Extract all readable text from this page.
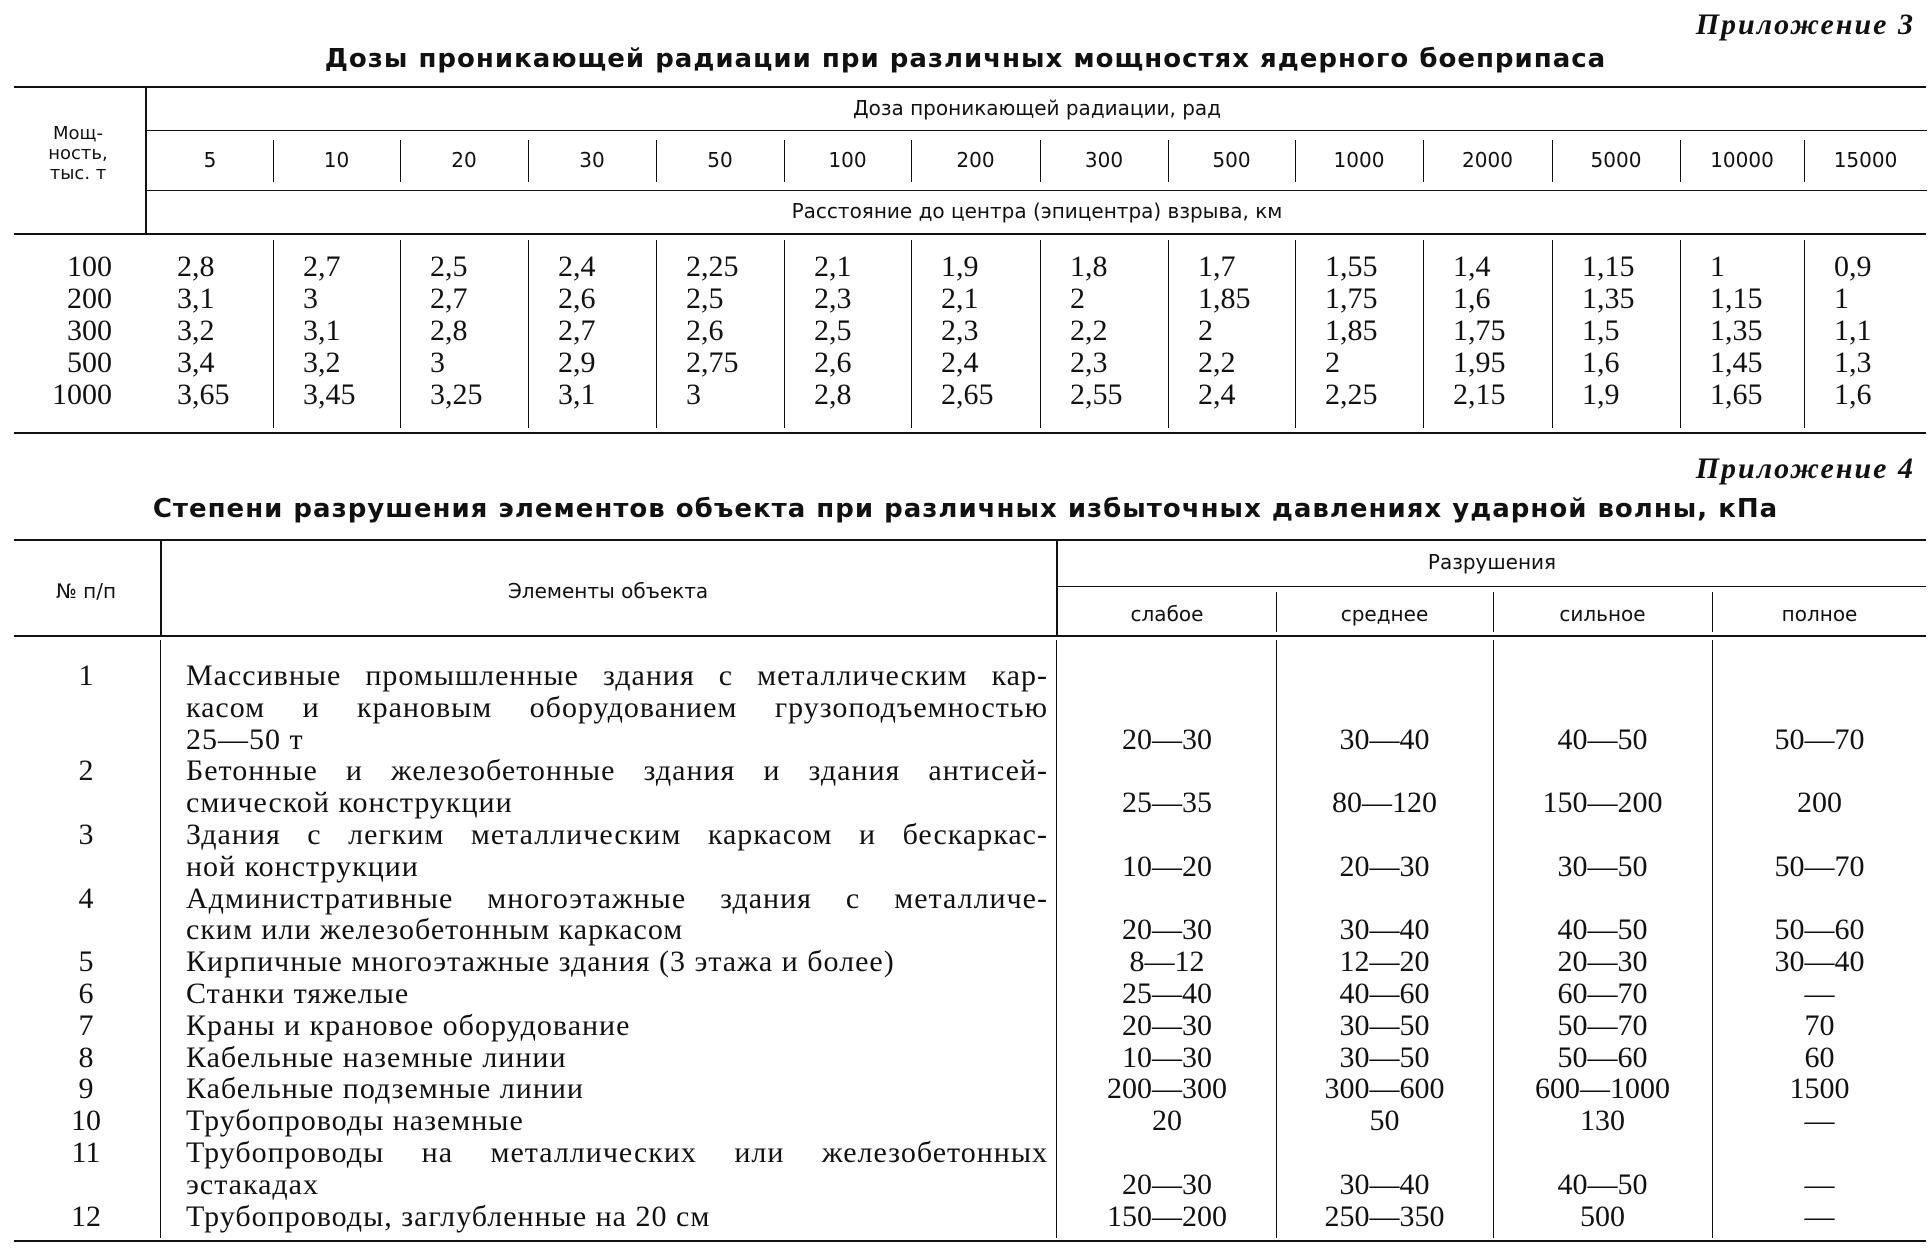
Приложение 3
Дозы проникающей радиации при различных мощностях ядерного боеприпаса
Мощ-
ность,
тыс. т
Доза проникающей радиации, рад
5	10	20	30	50	100	200	300	500	1000	2000	5000	10000	15000
Расстояние до центра (эпицентра) взрыва, км
100 2,8	2,7	2,5	2,4	2,25	2,1	1,9	1,8	1,7	1,55	1,4	1,15	1	0,9
200 3,1	3	2,7	2,6	2,5	2,3	2,1	2	1,85 1,75	1,6	1,35	1,15 1
300 3,2	3,1	2,8	2,7	2,6	2,5	2,3	2,2	2	1,85	1,75	1,5	1,35 1,1
500 3,4	3,2	3	2,9	2,75	2,6	2,4	2,3	2,2	2	1,95	1,6	1,45 1,3
1000 3,65 3,45 3,25	3,1	3	2,8	2,65	2,55	2,4	2,25	2,15	1,9	1,65 1,6
Приложение 4
Степени разрушения элементов объекта при различных избыточных давлениях ударной волны, кПа
№ п/п	Элементы объекта
Разрушения
слабое	среднее	сильное	полное
1	Массивные промышленные здания с металлическим кар-
касом и крановым оборудованием грузоподъемностью
25—50 т	20—30	30—40	40—50	50—70
2	Бетонные и железобетонные здания и здания антисей-
смической конструкции	25—35	80—120	150—200	200
3	Здания с легким металлическим каркасом и бескаркас-
ной конструкции	10—20	20—30	30—50	50—70
4	Административные многоэтажные здания с металличе-
ским или железобетонным каркасом	20—30	30—40	40—50	50—60
5	Кирпичные многоэтажные здания (3 этажа и более)	8—12	12—20	20—30	30—40
6	Станки тяжелые	25—40	40—60	60—70	—
7	Краны и крановое оборудование	20—30	30—50	50—70	70
8	Кабельные наземные линии	10—30	30—50	50—60	60
9	Кабельные подземные линии	200—300	300—600	600—1000	1500
10	Трубопроводы наземные	20	50	130	—
11	Трубопроводы на металлических или железобетонных
эстакадах	20—30	30—40	40—50	—
12	Трубопроводы, заглубленные на 20 см	150—200	250—350	500	—
